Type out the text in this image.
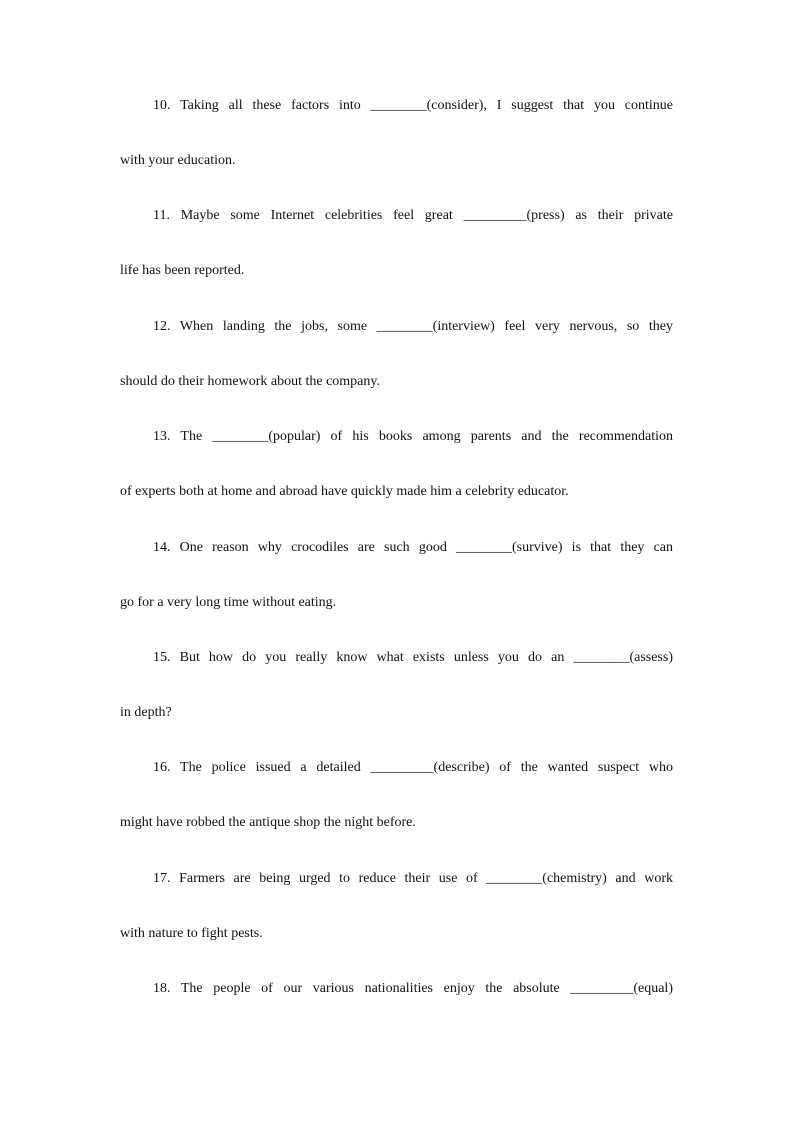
10. Taking all these factors into ________(consider), I suggest that you continue
with your education.
11. Maybe some Internet celebrities feel great _________(press) as their private
life has been reported.
12. When landing the jobs, some ________(interview) feel very nervous, so they
should do their homework about the company.
13. The ________(popular) of his books among parents and the recommendation
of experts both at home and abroad have quickly made him a celebrity educator.
14. One reason why crocodiles are such good ________(survive) is that they can
go for a very long time without eating.
15. But how do you really know what exists unless you do an ________(assess)
in depth?
16. The police issued a detailed _________(describe) of the wanted suspect who
might have robbed the antique shop the night before.
17. Farmers are being urged to reduce their use of ________(chemistry) and work
with nature to fight pests.
18. The people of our various nationalities enjoy the absolute _________(equal)
